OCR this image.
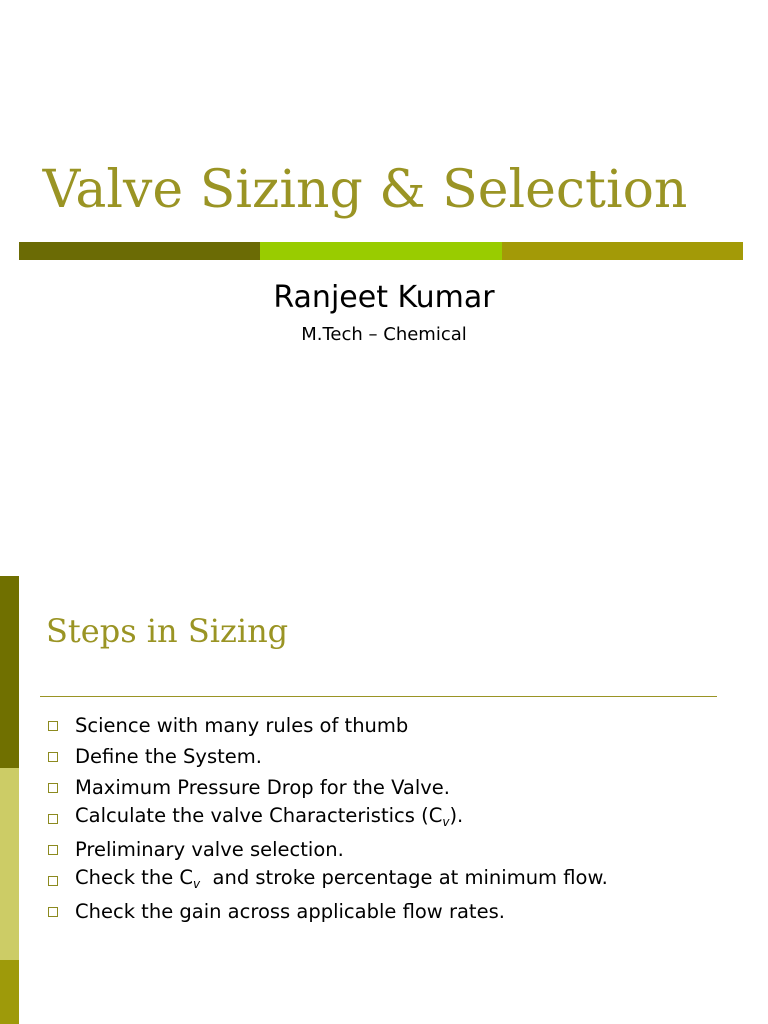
Valve Sizing & Selection

Ranjeet Kumar

M.Tech – Chemical

Steps in Sizing
Science with many rules of thumb
Define the System.
Maximum Pressure Drop for the Valve.
Calculate the valve Characteristics $(C_v)$.
Preliminary valve selection.
Check the $C_v$  and stroke percentage at minimum flow.
Check the gain across applicable flow rates.
